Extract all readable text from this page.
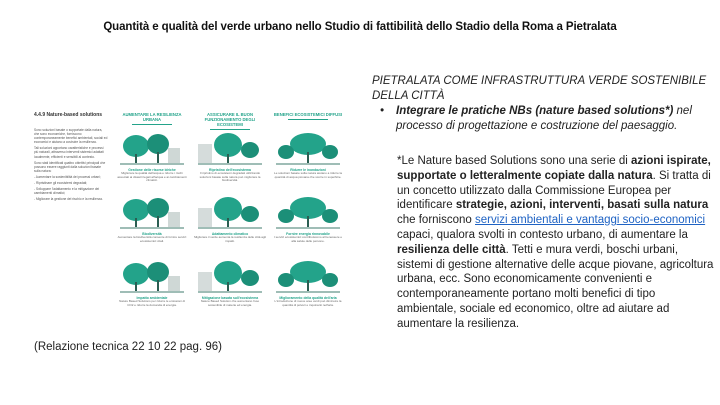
Quantità e qualità del verde urbano nello Studio di fattibilità dello Stadio della Roma a Pietralata
4.4.9 Nature-based solutions

Sono soluzioni basate o supportate dalla natura, che sono economiche, forniscono contemporaneamente benefici ambientali, sociali ed economici e aiutano a costruire la resilienza.

Tali soluzioni apportano caratteristiche e processi più naturali, attraverso interventi sistemici adattati localmente, efficienti e sensibili al contesto.

Sono stati identificati quattro obiettivi principali che possono essere raggiunti dalla soluzioni basate sulla natura:

- Aumentare la sostenibilità dei processi urbani;

- Ripristinare gli ecosistemi degradati;

- Sviluppare l'adattamento e la mitigazione dei cambiamenti climatici;

- Migliorare la gestione del rischio e la resilienza.

AUMENTARE LA RESILIENZA URBANA
ASSICURARE IL BUON FUNZIONAMENTO DEGLI ECOSISTEMI
BENEFICI ECOSISTEMICI DIFFUSI
Gestione delle risorse idriche
Migliorare la qualità dell'acqua e ridurre i rischi associati ai disastri legati all'acqua e ai cambiamenti climatici.
Ripristino dell'ecosistema
Il ripristino di ecosistemi degradati utilizzando soluzioni basate sulla natura può migliorare la biodiversità.
Ridurre le inondazioni
Le soluzioni basate sulla natura aiutano a ridurre la quantità di acqua piovana che scorre in superficie.
Biodiversità
Aumentare la biodiversità consente di fornire servizi ecosistemici vitali.
Adattamento climatico
Migliorare il verde aumenta la resilienza delle città agli impatti.
Fornire energia rinnovabile
I servizi ecosistemici contribuiscono al benessere e alla salute delle persone.
Impatto ambientale
Nature Based Solutions per ridurre le emissioni di CO2 e ridurre la domanda di energia.
Mitigazione basata sull'ecosistema
Nature Based Solution che aumentano l'uso sostenibile di materie ed energia.
Miglioramento della qualità dell'aria
L'introduzione di nuove aree verdi può diminuire la quantità di polveri e inquinanti nell'aria.
(Relazione tecnica 22 10 22 pag. 96)
PIETRALATA COME INFRASTRUTTURA VERDE SOSTENIBILE DELLA CITTÀ
• Integrare le pratiche NBs (nature based solutions*) nel processo di progettazione e costruzione del paesaggio.
*Le Nature based Solutions sono una serie di azioni ispirate, supportate o letteralmente copiate dalla natura. Si tratta di un concetto utilizzato dalla Commissione Europea per identificare strategie, azioni, interventi, basati sulla natura che forniscono servizi ambientali e vantaggi socio-economici capaci, qualora svolti in contesto urbano, di aumentare la resilienza delle città. Tetti e mura verdi, boschi urbani, sistemi di gestione alternative delle acque piovane, agricoltura urbana, ecc. Sono economicamente convenienti e contemporaneamente portano molti benefici di tipo ambientale, sociale ed economico, oltre ad aiutare ad aumentare la resilienza.
